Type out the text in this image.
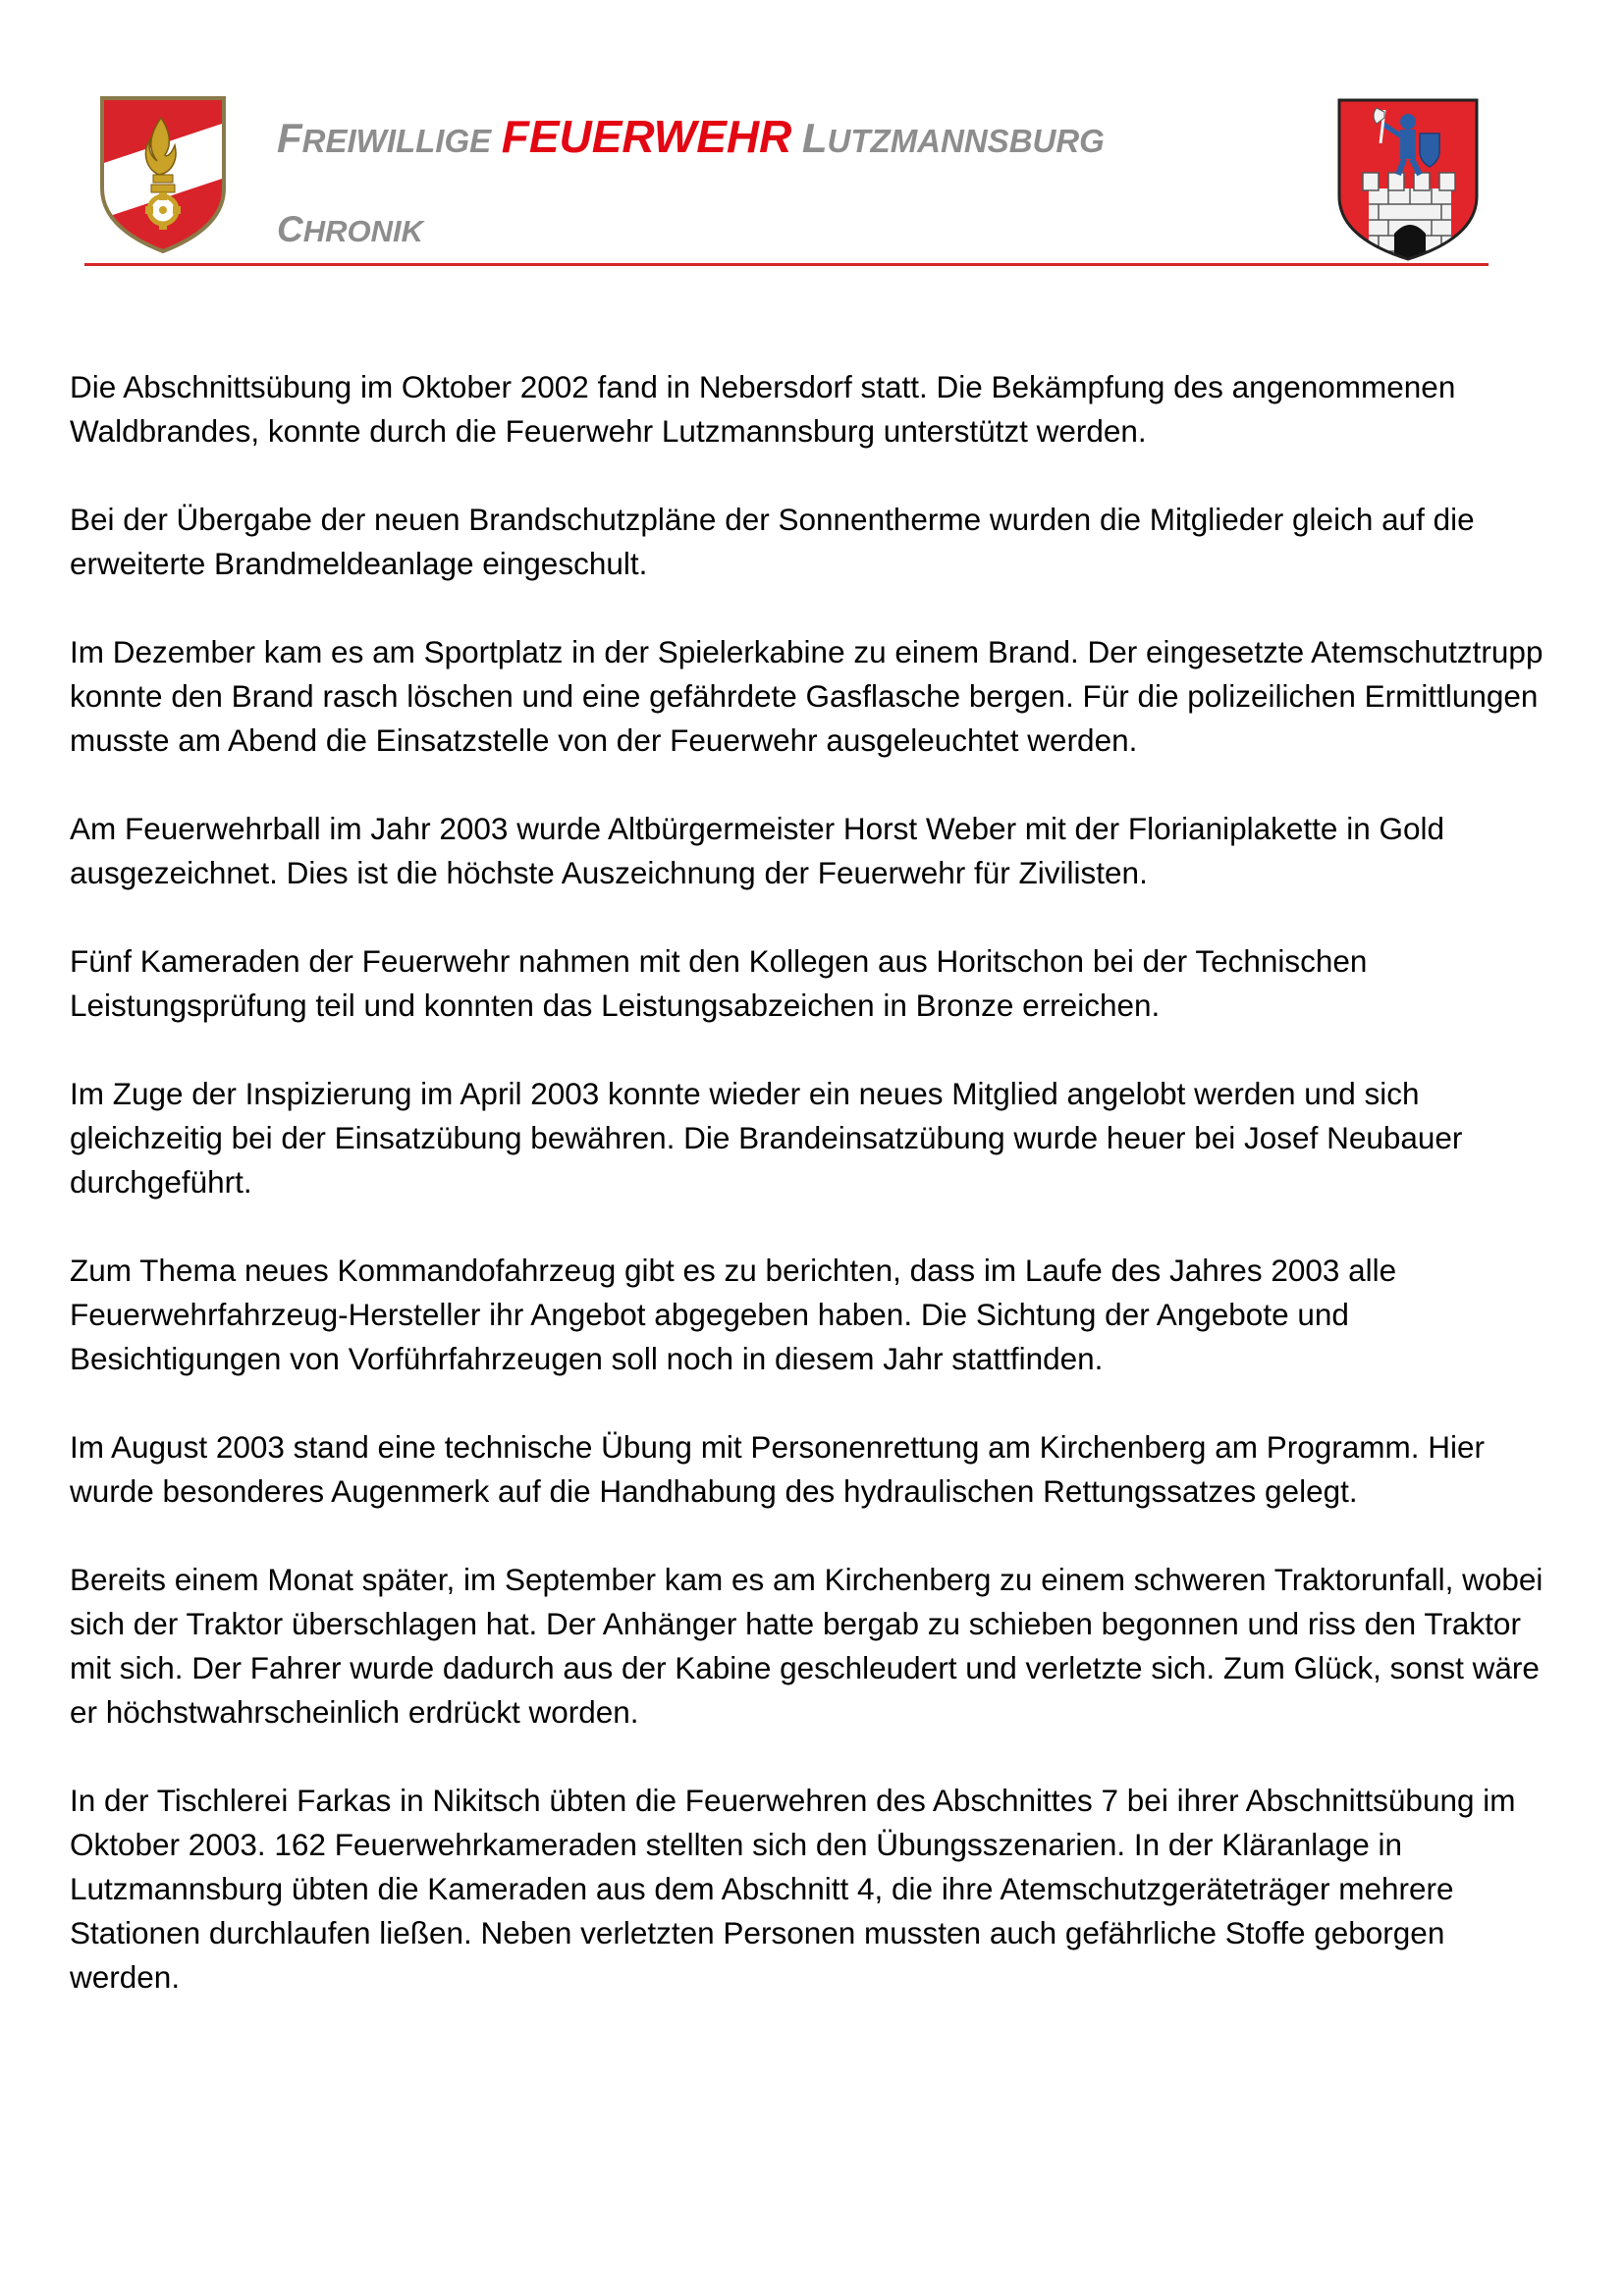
FREIWILLIGE FEUERWEHR LUTZMANNSBURG
CHRONIK

Die Abschnittsübung im Oktober 2002 fand in Nebersdorf statt. Die Bekämpfung des angenommenen Waldbrandes, konnte durch die Feuerwehr Lutzmannsburg unterstützt werden.

Bei der Übergabe der neuen Brandschutzpläne der Sonnentherme wurden die Mitglieder gleich auf die erweiterte Brandmeldeanlage eingeschult.

Im Dezember kam es am Sportplatz in der Spielerkabine zu einem Brand. Der eingesetzte Atemschutztrupp konnte den Brand rasch löschen und eine gefährdete Gasflasche bergen. Für die polizeilichen Ermittlungen musste am Abend die Einsatzstelle von der Feuerwehr ausgeleuchtet werden.

Am Feuerwehrball im Jahr 2003 wurde Altbürgermeister Horst Weber mit der Florianiplakette in Gold ausgezeichnet. Dies ist die höchste Auszeichnung der Feuerwehr für Zivilisten.

Fünf Kameraden der Feuerwehr nahmen mit den Kollegen aus Horitschon bei der Technischen Leistungsprüfung teil und konnten das Leistungsabzeichen in Bronze erreichen.

Im Zuge der Inspizierung im April 2003 konnte wieder ein neues Mitglied angelobt werden und sich gleichzeitig bei der Einsatzübung bewähren. Die Brandeinsatzübung wurde heuer bei Josef Neubauer durchgeführt.

Zum Thema neues Kommandofahrzeug gibt es zu berichten, dass im Laufe des Jahres 2003 alle Feuerwehrfahrzeug-Hersteller ihr Angebot abgegeben haben. Die Sichtung der Angebote und Besichtigungen von Vorführfahrzeugen soll noch in diesem Jahr stattfinden.

Im August 2003 stand eine technische Übung mit Personenrettung am Kirchenberg am Programm. Hier wurde besonderes Augenmerk auf die Handhabung des hydraulischen Rettungssatzes gelegt.

Bereits einem Monat später, im September kam es am Kirchenberg zu einem schweren Traktorunfall, wobei sich der Traktor überschlagen hat. Der Anhänger hatte bergab zu schieben begonnen und riss den Traktor mit sich. Der Fahrer wurde dadurch aus der Kabine geschleudert und verletzte sich. Zum Glück, sonst wäre er höchstwahrscheinlich erdrückt worden.

In der Tischlerei Farkas in Nikitsch übten die Feuerwehren des Abschnittes 7 bei ihrer Abschnittsübung im Oktober 2003. 162 Feuerwehrkameraden stellten sich den Übungsszenarien. In der Kläranlage in Lutzmannsburg übten die Kameraden aus dem Abschnitt 4, die ihre Atemschutzgeräteträger mehrere Stationen durchlaufen ließen. Neben verletzten Personen mussten auch gefährliche Stoffe geborgen werden.
